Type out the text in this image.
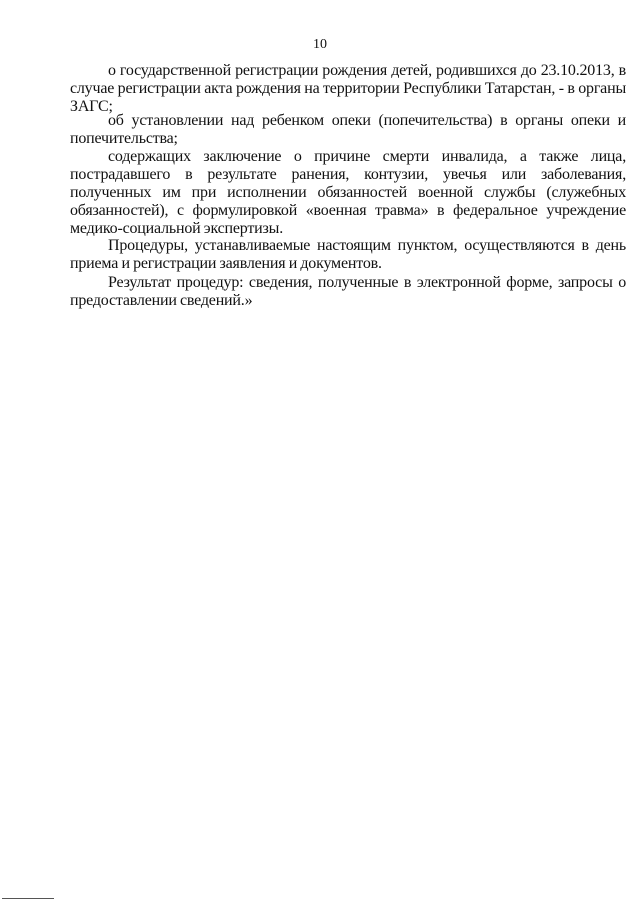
10

о государственной регистрации рождения детей, родившихся до 23.10.2013, в случае регистрации акта рождения на территории Республики Татарстан, - в органы ЗАГС;

об установлении над ребенком опеки (попечительства) в органы опеки и попечительства;

содержащих заключение о причине смерти инвалида, а также лица, пострадавшего в результате ранения, контузии, увечья или заболевания, полученных им при исполнении обязанностей военной службы (служебных обязанностей), с формулировкой «военная травма» в федеральное учреждение медико-социальной экспертизы.

Процедуры, устанавливаемые настоящим пунктом, осуществляются в день приема и регистрации заявления и документов.

Результат процедур: сведения, полученные в электронной форме, запросы о предоставлении сведений.»
